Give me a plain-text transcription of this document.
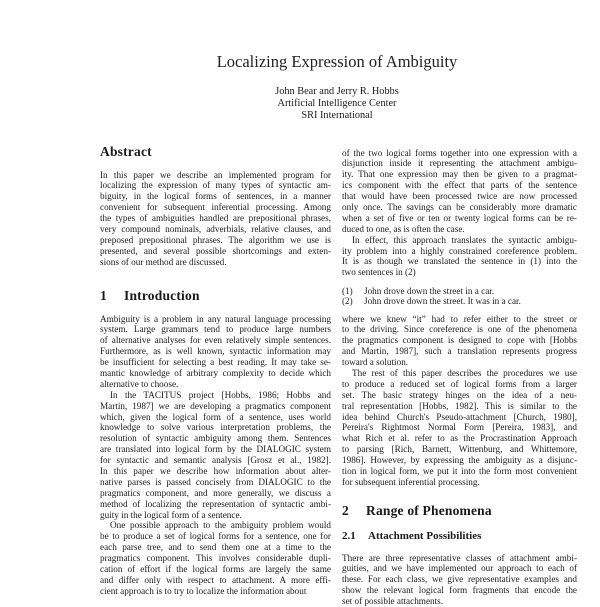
Localizing Expression of Ambiguity
John Bear and Jerry R. Hobbs
Artificial Intelligence Center
SRI International
Abstract
In this paper we describe an implemented program for
localizing the expression of many types of syntactic am-
biguity, in the logical forms of sentences, in a manner
convenient for subsequent inferential processing. Among
the types of ambiguities handled are prepositional phrases,
very compound nominals, adverbials, relative clauses, and
preposed prepositional phrases. The algorithm we use is
presented, and several possible shortcomings and exten-
sions of our method are discussed.
1 Introduction
Ambiguity is a problem in any natural language processing
system. Large grammars tend to produce large numbers
of alternative analyses for even relatively simple sentences.
Furthermore, as is well known, syntactic information may
be insufficient for selecting a best reading. It may take se-
mantic knowledge of arbitrary complexity to decide which
alternative to choose.
In the TACITUS project [Hobbs, 1986; Hobbs and
Martin, 1987] we are developing a pragmatics component
which, given the logical form of a sentence, uses world
knowledge to solve various interpretation problems, the
resolution of syntactic ambiguity among them. Sentences
are translated into logical form by the DIALOGIC system
for syntactic and semantic analysis [Grosz et al., 1982].
In this paper we describe how information about alter-
native parses is passed concisely from DIALOGIC to the
pragmatics component, and more generally, we discuss a
method of localizing the representation of syntactic ambi-
guity in the logical form of a sentence.
One possible approach to the ambiguity problem would
be to produce a set of logical forms for a sentence, one for
each parse tree, and to send them one at a time to the
pragmatics component. This involves considerable dupli-
cation of effort if the logical forms are largely the same
and differ only with respect to attachment. A more effi-
cient approach is to try to localize the information about
of the two logical forms together into one expression with a
disjunction inside it representing the attachment ambigu-
ity. That one expression may then be given to a pragmat-
ics component with the effect that parts of the sentence
that would have been processed twice are now processed
only once. The savings can be considerably more dramatic
when a set of five or ten or twenty logical forms can be re-
duced to one, as is often the case.
In effect, this approach translates the syntactic ambigu-
ity problem into a highly constrained coreference problem.
It is as though we translated the sentence in (1) into the
two sentences in (2)
(1)	John drove down the street in a car.
(2)	John drove down the street. It was in a car.
where we knew “it” had to refer either to the street or
to the driving. Since coreference is one of the phenomena
the pragmatics component is designed to cope with [Hobbs
and Martin, 1987], such a translation represents progress
toward a solution.
The rest of this paper describes the procedures we use
to produce a reduced set of logical forms from a larger
set. The basic strategy hinges on the idea of a neu-
tral representation [Hobbs, 1982]. This is similar to the
idea behind Church's Pseudo-attachment [Church, 1980],
Pereira's Rightmost Normal Form [Pereira, 1983], and
what Rich et al. refer to as the Procrastination Approach
to parsing [Rich, Barnett, Wittenburg, and Whittemore,
1986]. However, by expressing the ambiguity as a disjunc-
tion in logical form, we put it into the form most convenient
for subsequent inferential processing.
2 Range of Phenomena
2.1 Attachment Possibilities
There are three representative classes of attachment ambi-
guities, and we have implemented our approach to each of
these. For each class, we give representative examples and
show the relevant logical form fragments that encode the
set of possible attachments.
